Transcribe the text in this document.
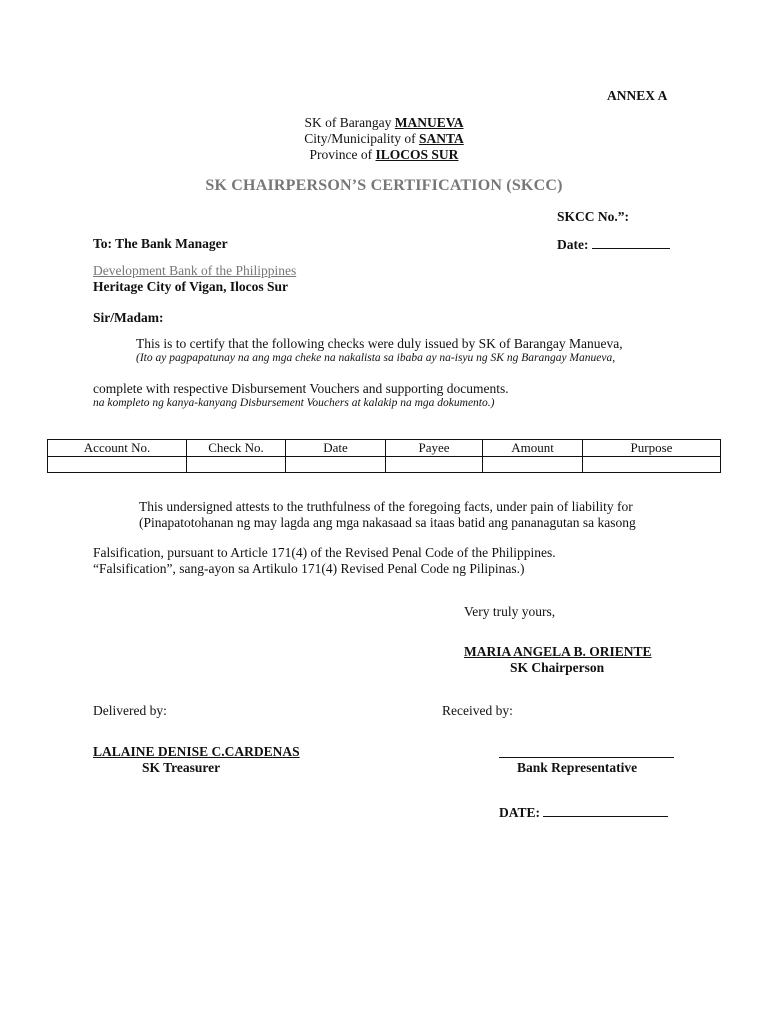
ANNEX A
SK of Barangay MANUEVA
City/Municipality of SANTA
Province of ILOCOS SUR
SK CHAIRPERSON’S CERTIFICATION (SKCC)
SKCC No.”:
To: The Bank Manager	Date:
Development Bank of the Philippines
Heritage City of Vigan, Ilocos Sur
Sir/Madam:
This is to certify that the following checks were duly issued by SK of Barangay Manueva,
(Ito ay pagpapatunay na ang mga cheke na nakalista sa ibaba ay na-isyu ng SK ng Barangay Manueva,
complete with respective Disbursement Vouchers and supporting documents.
na kompleto ng kanya-kanyang Disbursement Vouchers at kalakip na mga dokumento.)
Account No.	Check No.	Date	Payee	Amount	Purpose

This undersigned attests to the truthfulness of the foregoing facts, under pain of liability for
(Pinapatotohanan ng may lagda ang mga nakasaad sa itaas batid ang pananagutan sa kasong
Falsification, pursuant to Article 171(4) of the Revised Penal Code of the Philippines.
“Falsification”, sang-ayon sa Artikulo 171(4) Revised Penal Code ng Pilipinas.)
Very truly yours,
MARIA ANGELA B. ORIENTE
SK Chairperson
Delivered by:	Received by:
LALAINE DENISE C.CARDENAS
SK Treasurer	Bank Representative
DATE:
